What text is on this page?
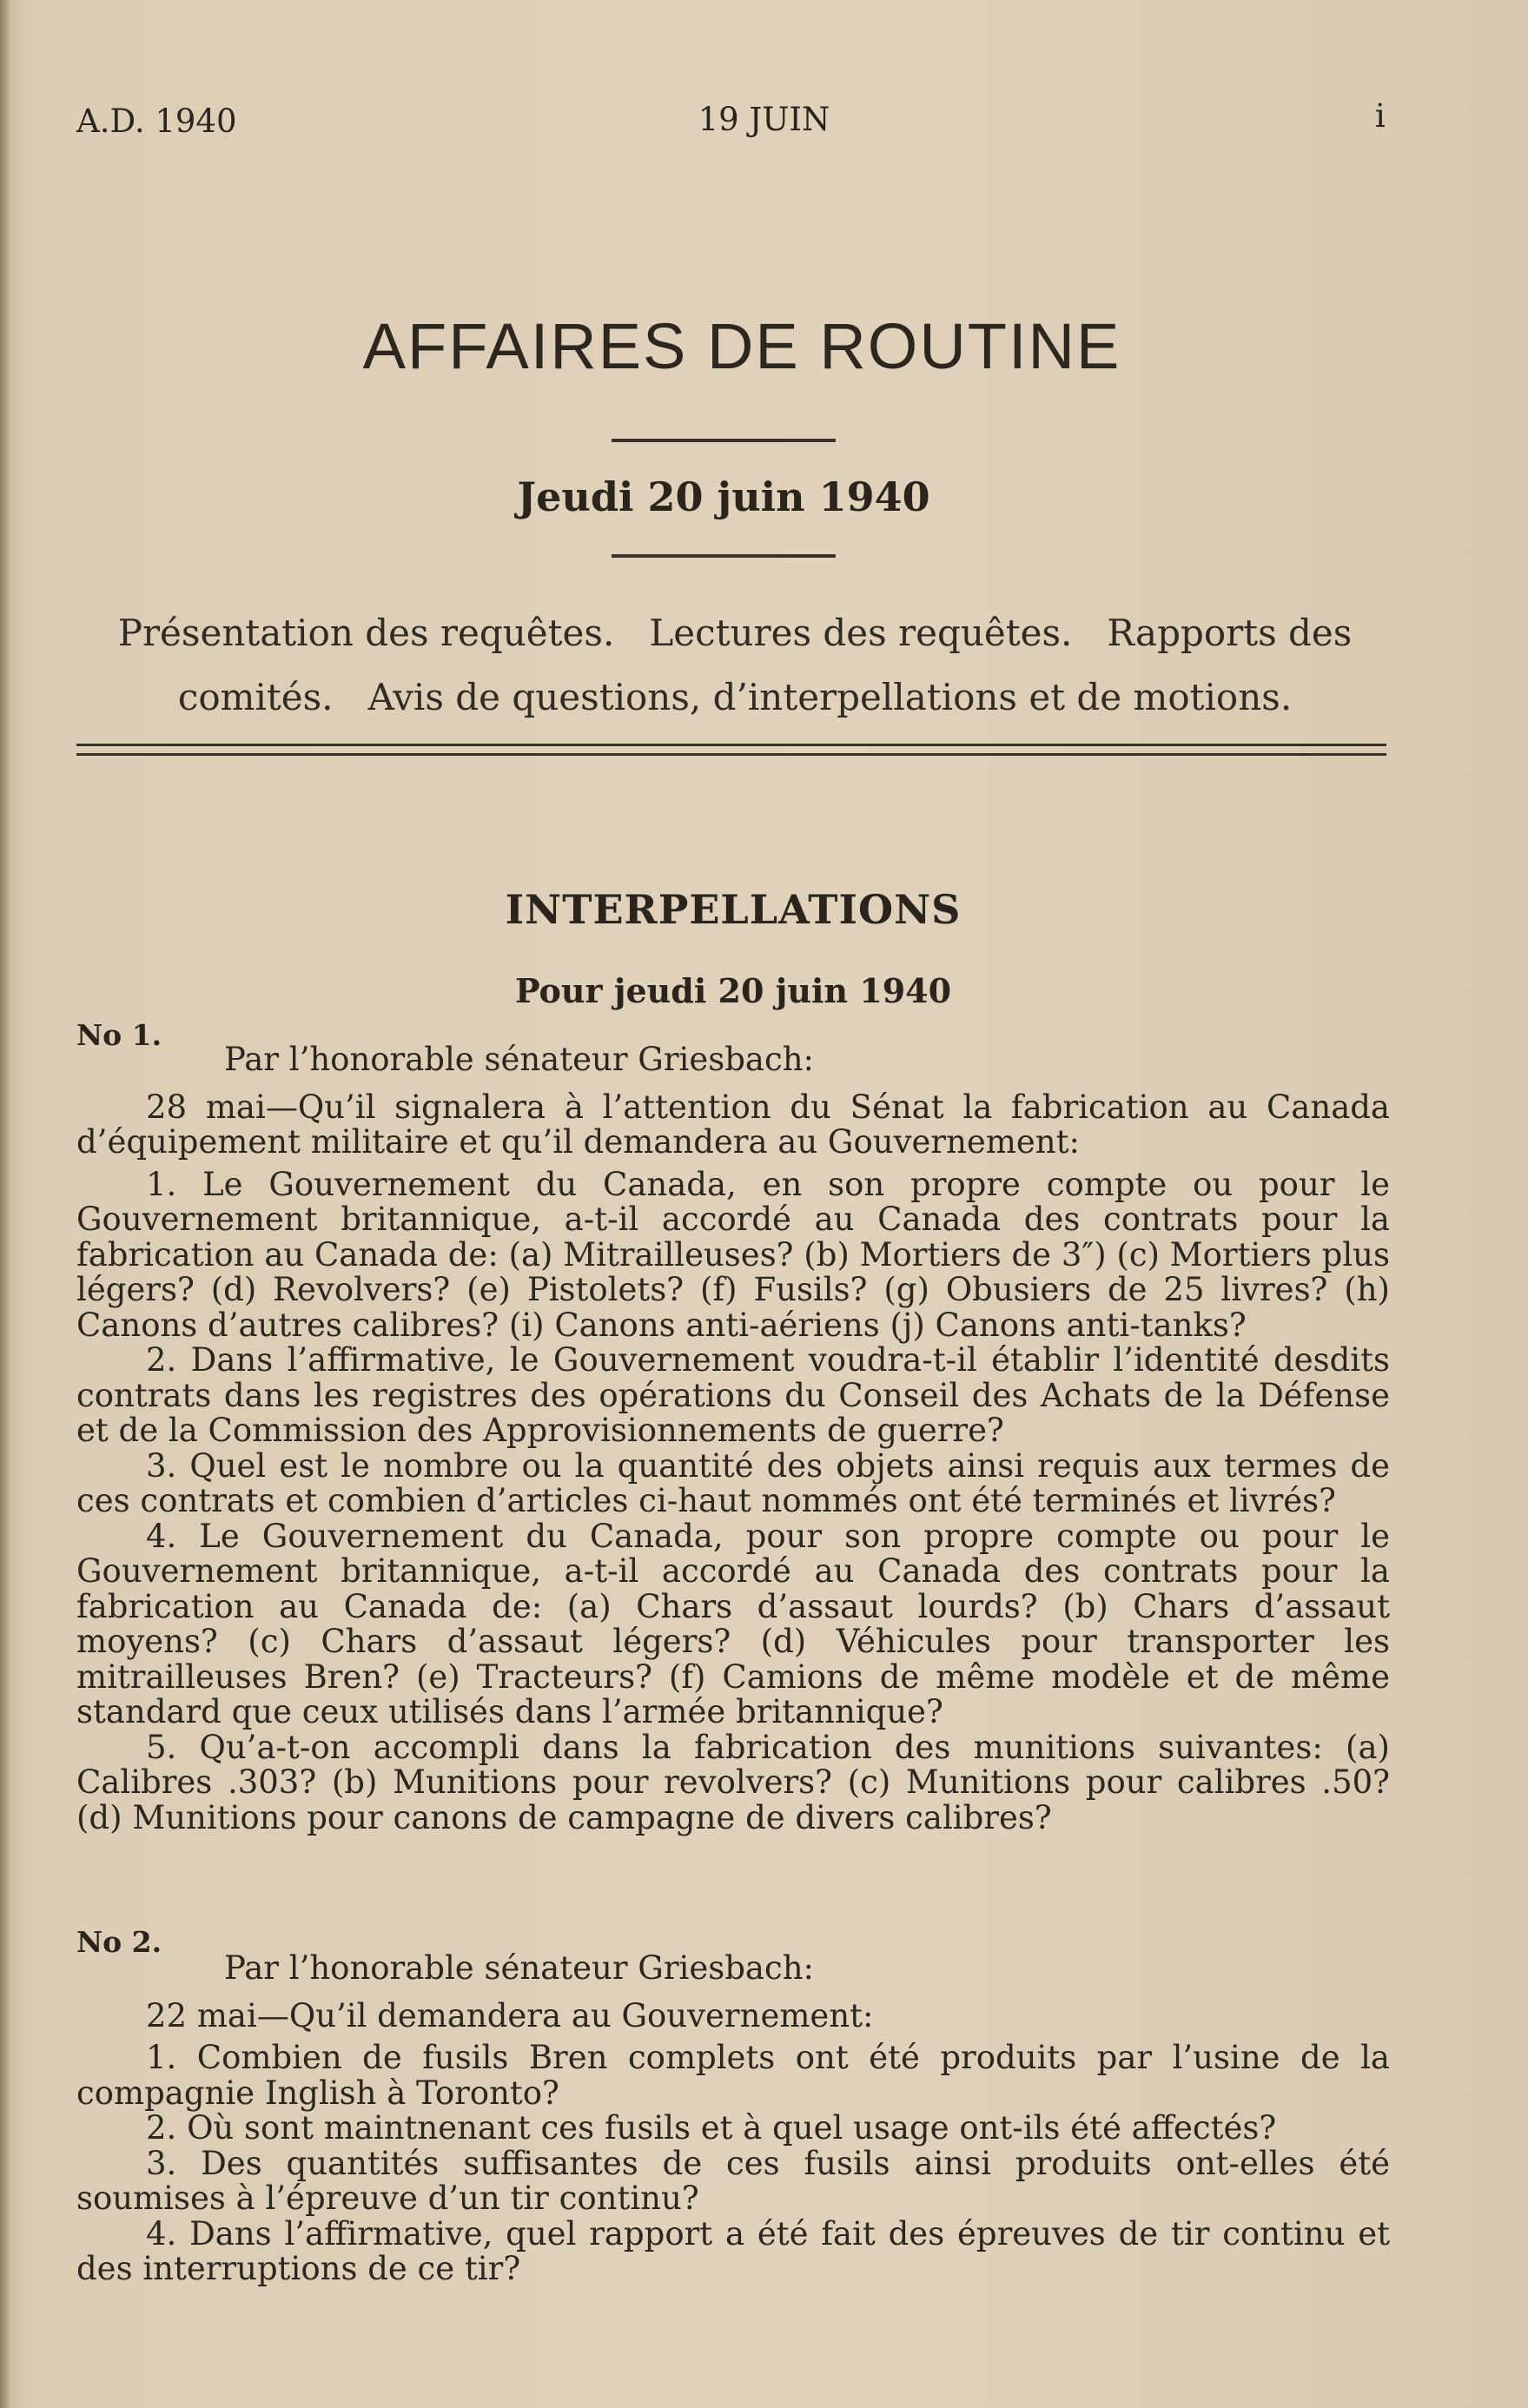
A.D. 1940	19 JUIN	i
AFFAIRES DE ROUTINE
Jeudi 20 juin 1940
Présentation des requêtes.   Lectures des requêtes.   Rapports des
comités.   Avis de questions, d’interpellations et de motions.
INTERPELLATIONS
Pour jeudi 20 juin 1940
No 1.

Par l’honorable sénateur Griesbach:

28 mai—Qu’il signalera à l’attention du Sénat la fabrication au Canada d’équipement militaire et qu’il demandera au Gouvernement:

1. Le Gouvernement du Canada, en son propre compte ou pour le Gouvernement britannique, a-t-il accordé au Canada des contrats pour la fabrication au Canada de: (a) Mitrailleuses? (b) Mortiers de 3″) (c) Mortiers plus légers? (d) Revolvers? (e) Pistolets? (f) Fusils? (g) Obusiers de 25 livres? (h) Canons d’autres calibres? (i) Canons anti-aériens (j) Canons anti-tanks?

2. Dans l’affirmative, le Gouvernement voudra-t-il établir l’identité desdits contrats dans les registres des opérations du Conseil des Achats de la Défense et de la Commission des Approvisionnements de guerre?

3. Quel est le nombre ou la quantité des objets ainsi requis aux termes de ces contrats et combien d’articles ci-haut nommés ont été terminés et livrés?

4. Le Gouvernement du Canada, pour son propre compte ou pour le Gouvernement britannique, a-t-il accordé au Canada des contrats pour la fabrication au Canada de: (a) Chars d’assaut lourds? (b) Chars d’assaut moyens? (c) Chars d’assaut légers? (d) Véhicules pour transporter les mitrailleuses Bren? (e) Tracteurs? (f) Camions de même modèle et de même standard que ceux utilisés dans l’armée britannique?

5. Qu’a-t-on accompli dans la fabrication des munitions suivantes: (a) Calibres .303? (b) Munitions pour revolvers? (c) Munitions pour calibres .50? (d) Munitions pour canons de campagne de divers calibres?

No 2.

Par l’honorable sénateur Griesbach:

22 mai—Qu’il demandera au Gouvernement:

1. Combien de fusils Bren complets ont été produits par l’usine de la compagnie Inglish à Toronto?

2. Où sont maintnenant ces fusils et à quel usage ont-ils été affectés?

3. Des quantités suffisantes de ces fusils ainsi produits ont-elles été soumises à l’épreuve d’un tir continu?

4. Dans l’affirmative, quel rapport a été fait des épreuves de tir continu et des interruptions de ce tir?
